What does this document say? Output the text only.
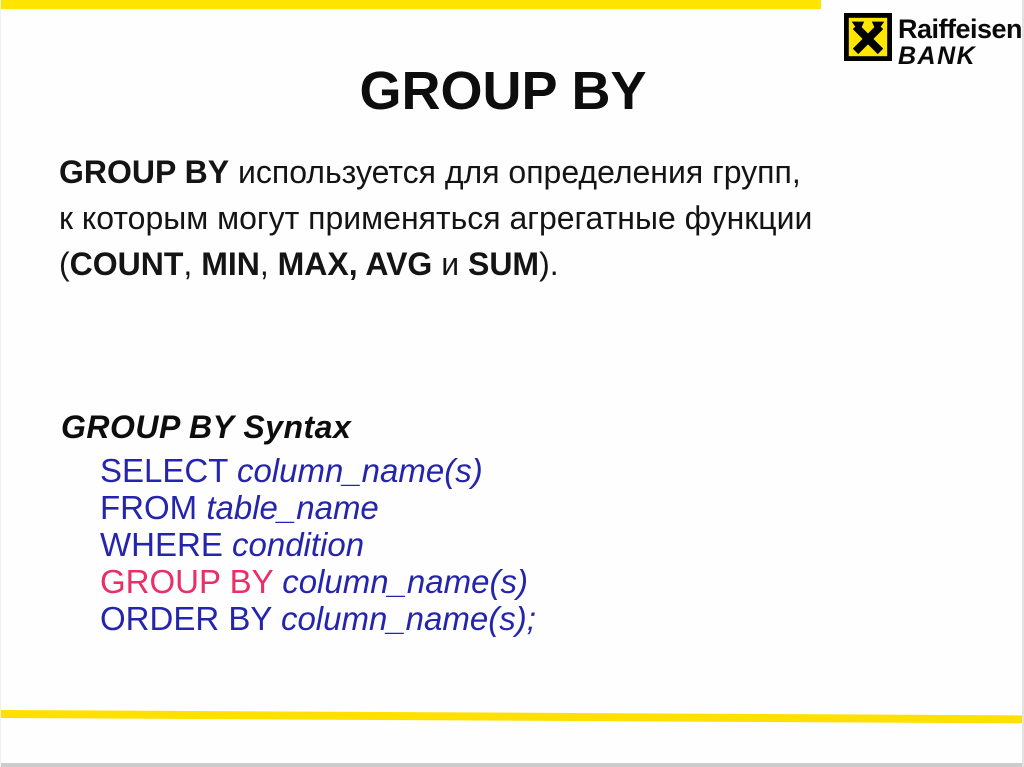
Raiffeisen
BANK
GROUP BY
GROUP BY используется для определения групп,
к которым могут применяться агрегатные функции
(COUNT, MIN, MAX, AVG и SUM).
GROUP BY Syntax
SELECT column_name(s)
FROM table_name
WHERE condition
GROUP BY column_name(s)
ORDER BY column_name(s);
